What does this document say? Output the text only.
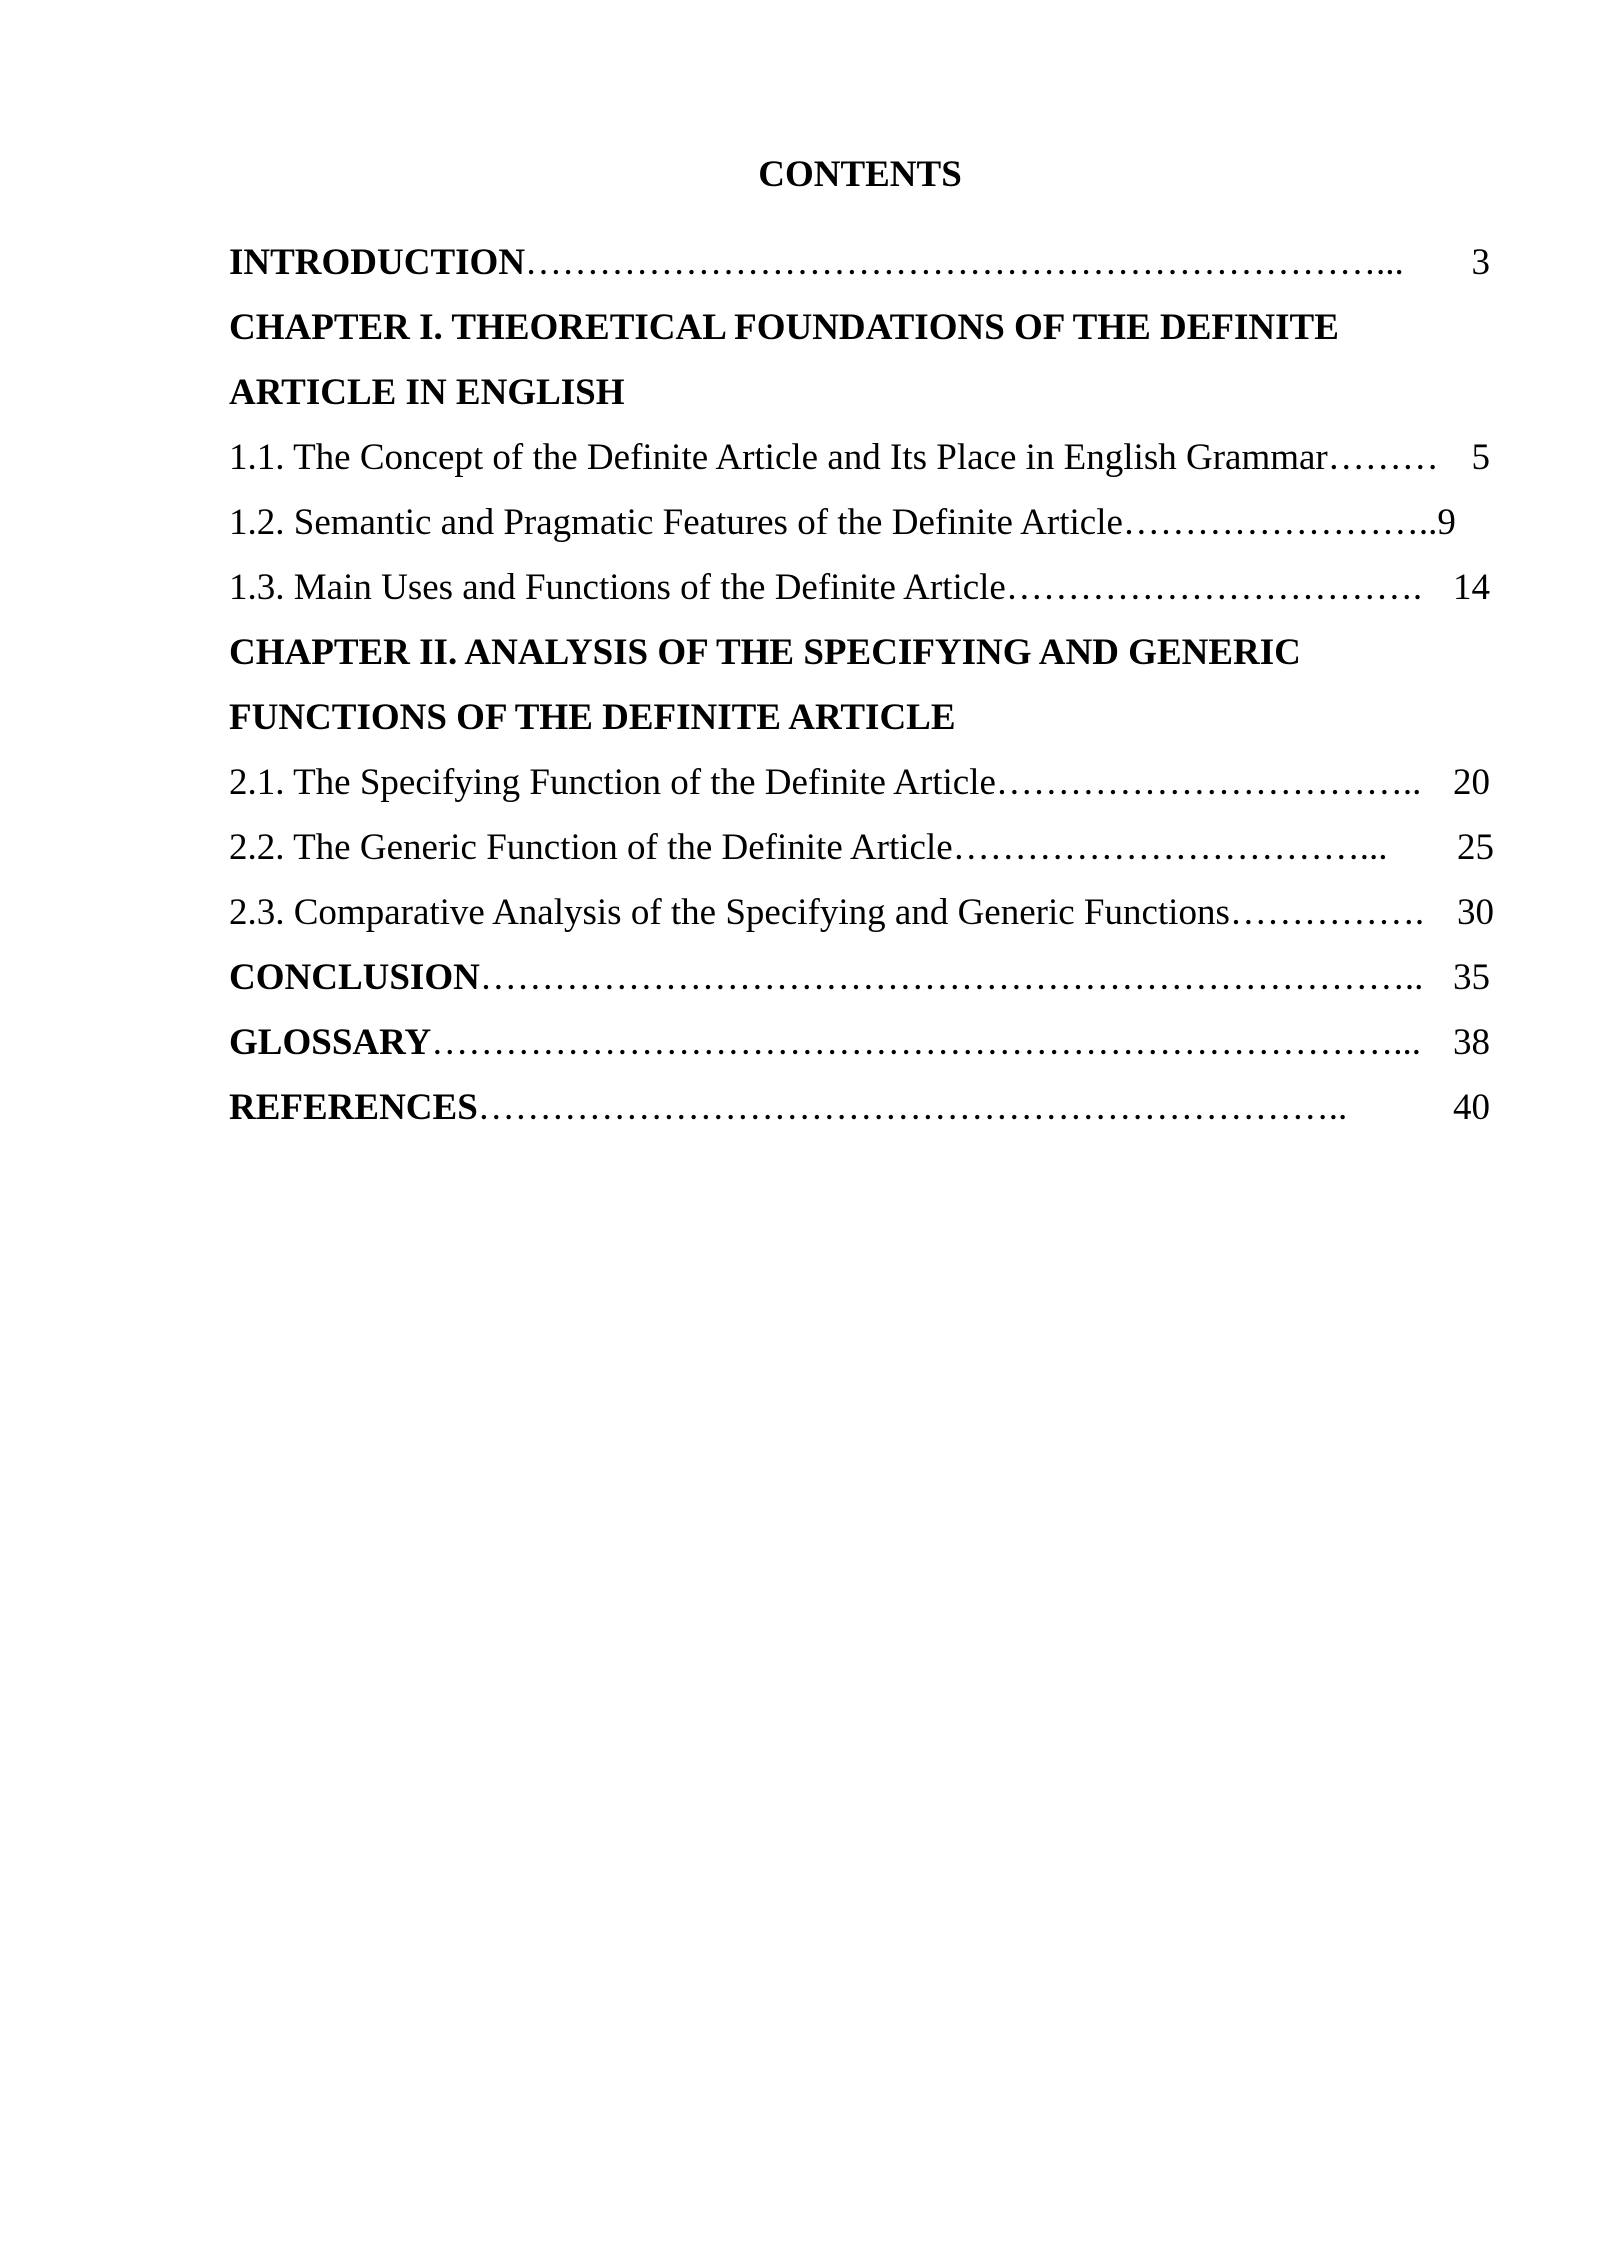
CONTENTS
INTRODUCTION……………………………………………………………... 3
CHAPTER I. THEORETICAL FOUNDATIONS OF THE DEFINITE
ARTICLE IN ENGLISH
1.1. The Concept of the Definite Article and Its Place in English Grammar……… 5
1.2. Semantic and Pragmatic Features of the Definite Article……………………..9
1.3. Main Uses and Functions of the Definite Article……………………………. 14
CHAPTER II. ANALYSIS OF THE SPECIFYING AND GENERIC
FUNCTIONS OF THE DEFINITE ARTICLE
2.1. The Specifying Function of the Definite Article…………………………….. 20
2.2. The Generic Function of the Definite Article……………………………... 25
2.3. Comparative Analysis of the Specifying and Generic Functions……………. 30
CONCLUSION………………………………………………………………….. 35
GLOSSARY……………………………………………………………………... 38
REFERENCES……………………………………………………………..	40
